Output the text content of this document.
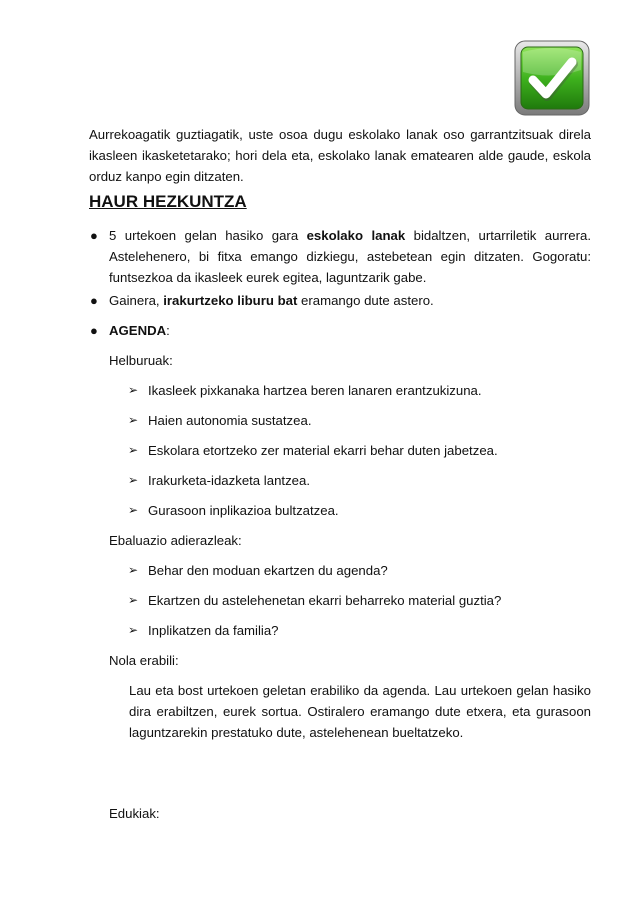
Aurrekoagatik guztiagatik, uste osoa dugu eskolako lanak oso garrantzitsuak direla ikasleen ikasketetarako; hori dela eta, eskolako lanak ematearen alde gaude, eskola orduz kanpo egin ditzaten.
HAUR HEZKUNTZA
● 5 urtekoen gelan hasiko gara eskolako lanak bidaltzen, urtarriletik aurrera. Astelehenero, bi fitxa emango dizkiegu, astebetean egin ditzaten. Gogoratu: funtsezkoa da ikasleek eurek egitea, laguntzarik gabe.
● Gainera, irakurtzeko liburu bat eramango dute astero.
● AGENDA:
Helburuak:
➢ Ikasleek pixkanaka hartzea beren lanaren erantzukizuna.
➢ Haien autonomia sustatzea.
➢ Eskolara etortzeko zer material ekarri behar duten jabetzea.
➢ Irakurketa-idazketa lantzea.
➢ Gurasoon inplikazioa bultzatzea.
Ebaluazio adierazleak:
➢ Behar den moduan ekartzen du agenda?
➢ Ekartzen du astelehenetan ekarri beharreko material guztia?
➢ Inplikatzen da familia?
Nola erabili:
Lau eta bost urtekoen geletan erabiliko da agenda. Lau urtekoen gelan hasiko dira erabiltzen, eurek sortua. Ostiralero eramango dute etxera, eta gurasoon laguntzarekin prestatuko dute, astelehenean bueltatzeko.
Edukiak:
